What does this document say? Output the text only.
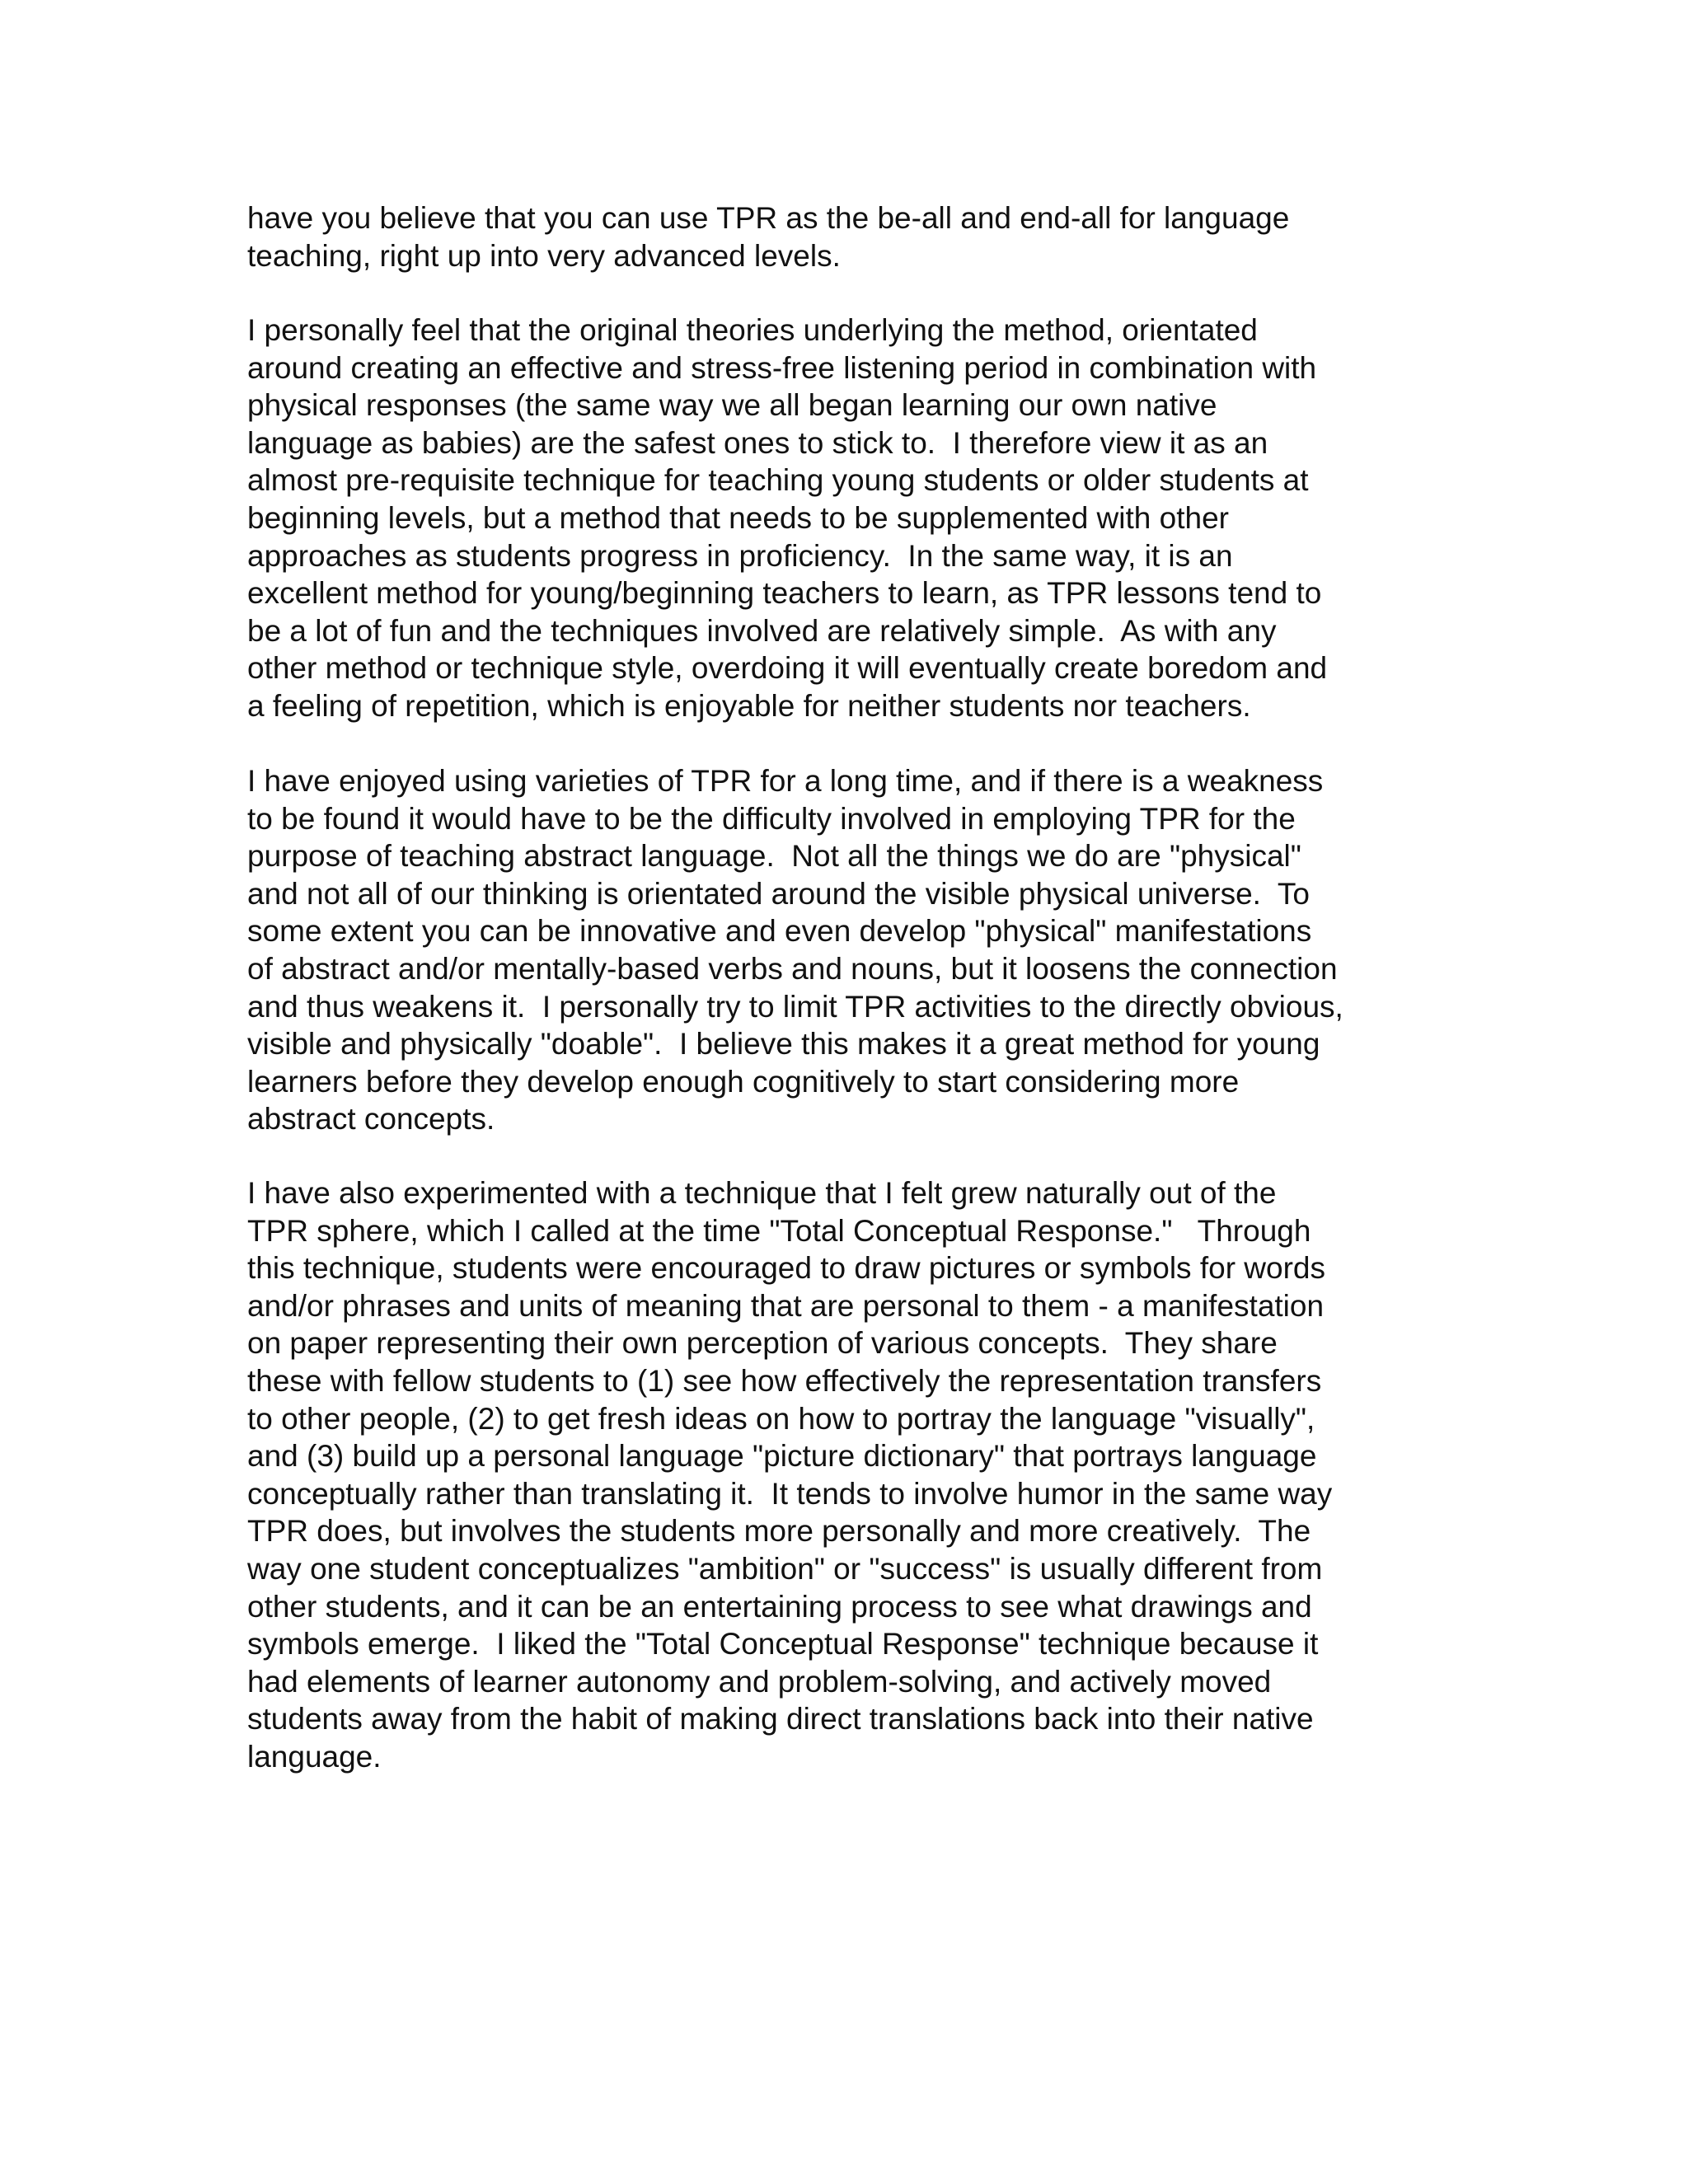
have you believe that you can use TPR as the be-all and end-all for language
teaching, right up into very advanced levels.
I personally feel that the original theories underlying the method, orientated
around creating an effective and stress-free listening period in combination with
physical responses (the same way we all began learning our own native
language as babies) are the safest ones to stick to.  I therefore view it as an
almost pre-requisite technique for teaching young students or older students at
beginning levels, but a method that needs to be supplemented with other
approaches as students progress in proficiency.  In the same way, it is an
excellent method for young/beginning teachers to learn, as TPR lessons tend to
be a lot of fun and the techniques involved are relatively simple.  As with any
other method or technique style, overdoing it will eventually create boredom and
a feeling of repetition, which is enjoyable for neither students nor teachers.
I have enjoyed using varieties of TPR for a long time, and if there is a weakness
to be found it would have to be the difficulty involved in employing TPR for the
purpose of teaching abstract language.  Not all the things we do are "physical"
and not all of our thinking is orientated around the visible physical universe.  To
some extent you can be innovative and even develop "physical" manifestations
of abstract and/or mentally-based verbs and nouns, but it loosens the connection
and thus weakens it.  I personally try to limit TPR activities to the directly obvious,
visible and physically "doable".  I believe this makes it a great method for young
learners before they develop enough cognitively to start considering more
abstract concepts.
I have also experimented with a technique that I felt grew naturally out of the
TPR sphere, which I called at the time "Total Conceptual Response."   Through
this technique, students were encouraged to draw pictures or symbols for words
and/or phrases and units of meaning that are personal to them - a manifestation
on paper representing their own perception of various concepts.  They share
these with fellow students to (1) see how effectively the representation transfers
to other people, (2) to get fresh ideas on how to portray the language "visually",
and (3) build up a personal language "picture dictionary" that portrays language
conceptually rather than translating it.  It tends to involve humor in the same way
TPR does, but involves the students more personally and more creatively.  The
way one student conceptualizes "ambition" or "success" is usually different from
other students, and it can be an entertaining process to see what drawings and
symbols emerge.  I liked the "Total Conceptual Response" technique because it
had elements of learner autonomy and problem-solving, and actively moved
students away from the habit of making direct translations back into their native
language.
